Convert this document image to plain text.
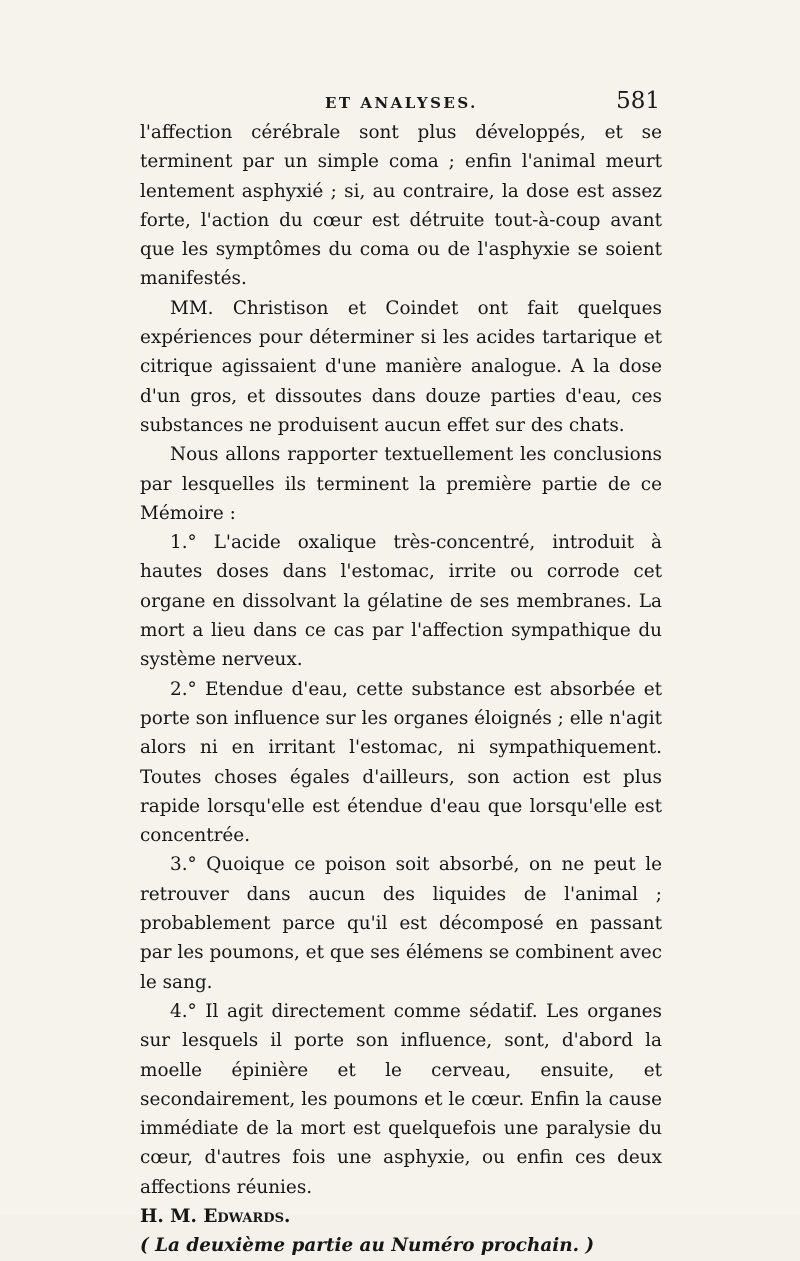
ET ANALYSES.	581

l'affection cérébrale sont plus développés, et se terminent par un simple coma ; enfin l'animal meurt lentement asphyxié ; si, au contraire, la dose est assez forte, l'action du cœur est détruite tout-à-coup avant que les symptômes du coma ou de l'asphyxie se soient manifestés.

MM. Christison et Coindet ont fait quelques expériences pour déterminer si les acides tartarique et citrique agissaient d'une manière analogue. A la dose d'un gros, et dissoutes dans douze parties d'eau, ces substances ne produisent aucun effet sur des chats.

Nous allons rapporter textuellement les conclusions par lesquelles ils terminent la première partie de ce Mémoire :

1.° L'acide oxalique très-concentré, introduit à hautes doses dans l'estomac, irrite ou corrode cet organe en dissolvant la gélatine de ses membranes. La mort a lieu dans ce cas par l'affection sympathique du système nerveux.

2.° Etendue d'eau, cette substance est absorbée et porte son influence sur les organes éloignés ; elle n'agit alors ni en irritant l'estomac, ni sympathiquement. Toutes choses égales d'ailleurs, son action est plus rapide lorsqu'elle est étendue d'eau que lorsqu'elle est concentrée.

3.° Quoique ce poison soit absorbé, on ne peut le retrouver dans aucun des liquides de l'animal ; probablement parce qu'il est décomposé en passant par les poumons, et que ses élémens se combinent avec le sang.

4.° Il agit directement comme sédatif. Les organes sur lesquels il porte son influence, sont, d'abord la moelle épinière et le cerveau, ensuite, et secondairement, les poumons et le cœur. Enfin la cause immédiate de la mort est quelquefois une paralysie du cœur, d'autres fois une asphyxie, ou enfin ces deux affections réunies.

H. M. Edwards.

( La deuxième partie au Numéro prochain. )
